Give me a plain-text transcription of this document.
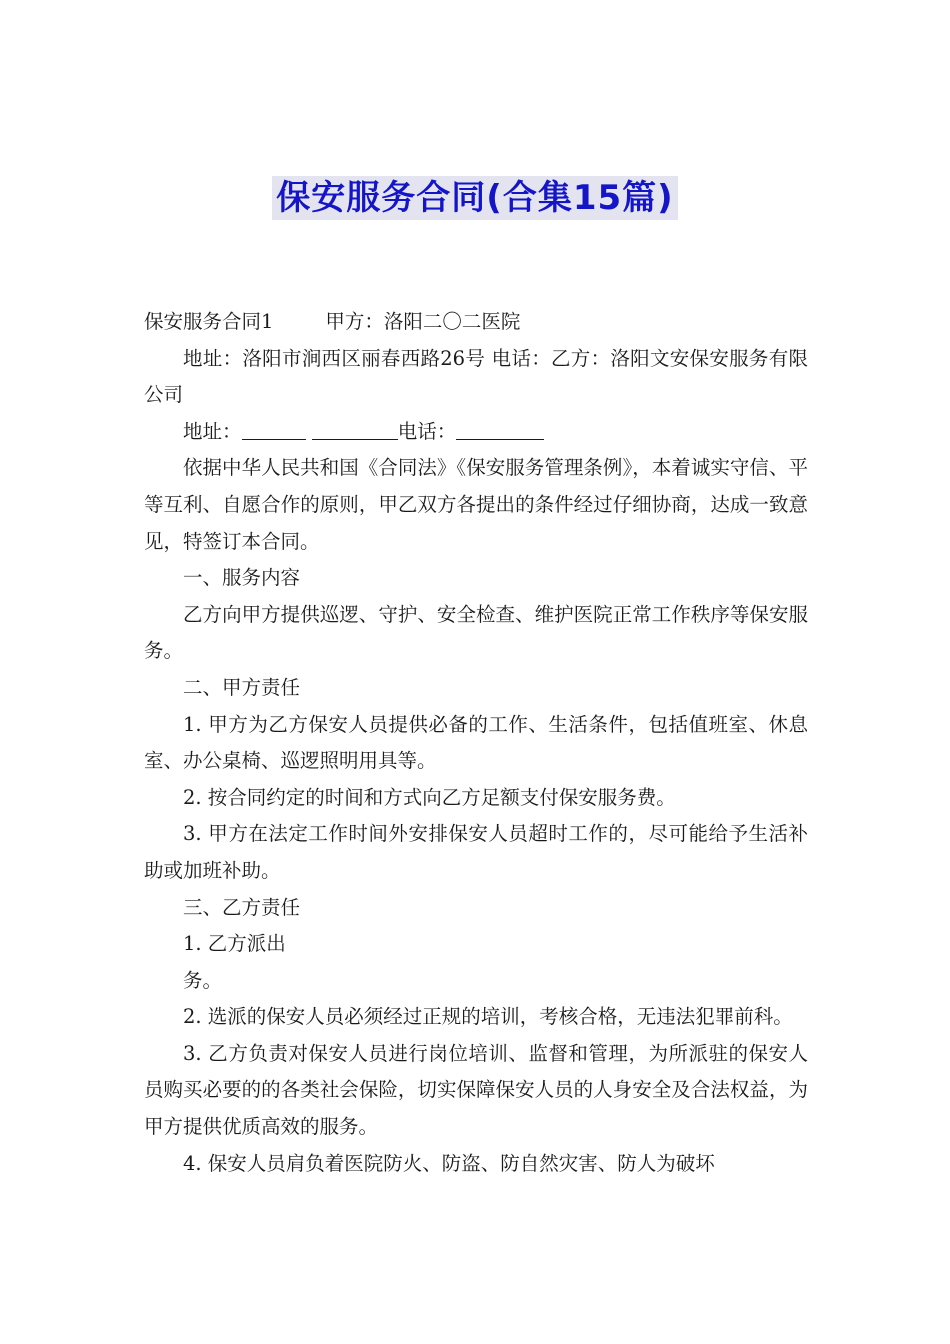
保安服务合同(合集15篇)

保安服务合同1	甲方：洛阳二〇二医院

地址：洛阳市涧西区丽春西路26号 电话：乙方：洛阳文安保安服务有限公司

地址：	电话：

依据中华人民共和国《合同法》《保安服务管理条例》，本着诚实守信、平等互利、自愿合作的原则，甲乙双方各提出的条件经过仔细协商，达成一致意见，特签订本合同。

一、服务内容

乙方向甲方提供巡逻、守护、安全检查、维护医院正常工作秩序等保安服务。

二、甲方责任

1. 甲方为乙方保安人员提供必备的工作、生活条件，包括值班室、休息室、办公桌椅、巡逻照明用具等。

2. 按合同约定的时间和方式向乙方足额支付保安服务费。

3. 甲方在法定工作时间外安排保安人员超时工作的，尽可能给予生活补助或加班补助。

三、乙方责任

1. 乙方派出

务。

2. 选派的保安人员必须经过正规的培训，考核合格，无违法犯罪前科。

3. 乙方负责对保安人员进行岗位培训、监督和管理，为所派驻的保安人员购买必要的的各类社会保险，切实保障保安人员的人身安全及合法权益，为甲方提供优质高效的服务。

4. 保安人员肩负着医院防火、防盗、防自然灾害、防人为破坏
